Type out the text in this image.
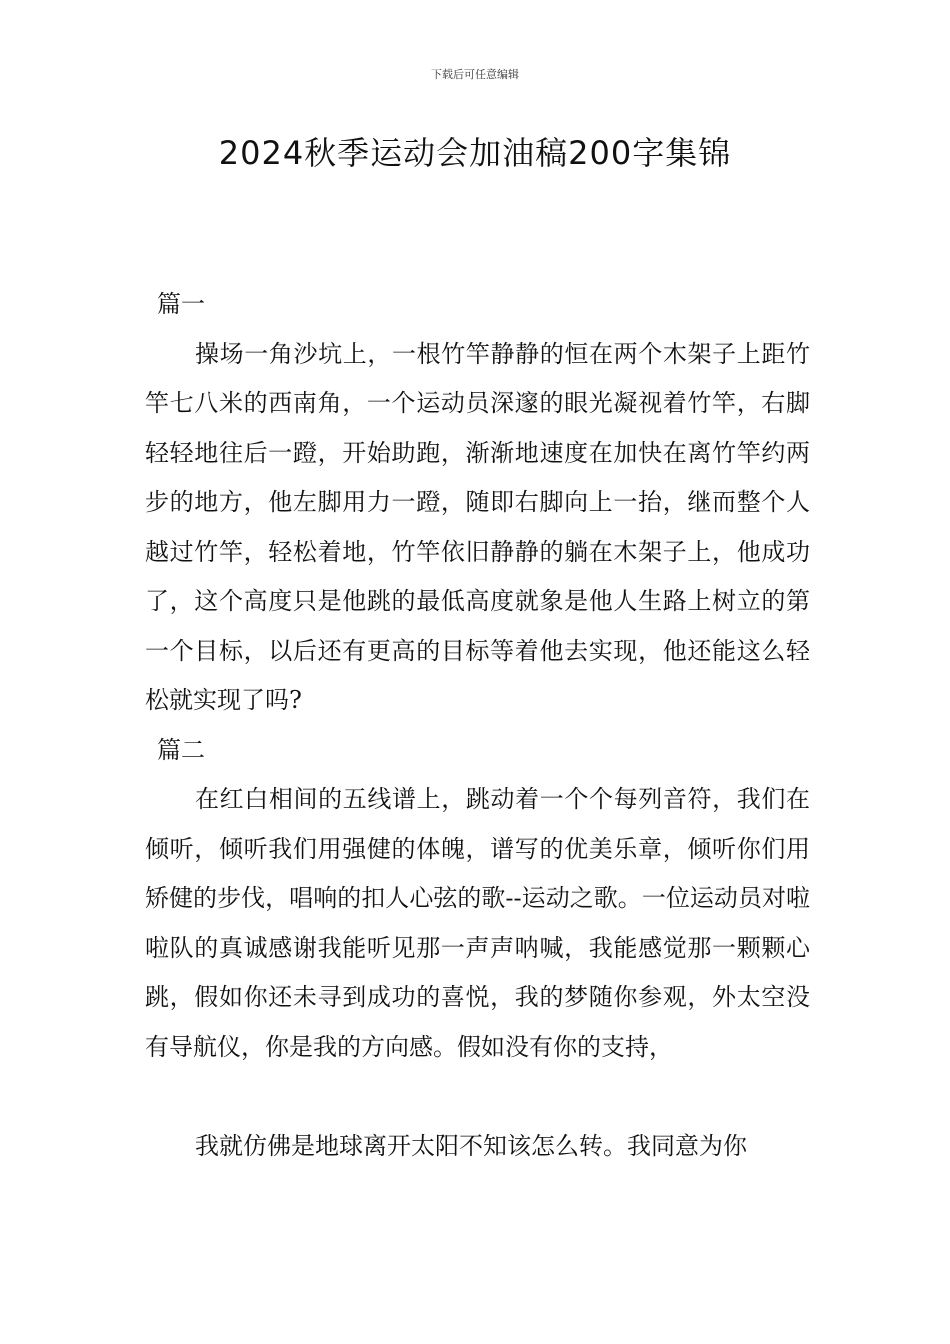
下载后可任意编辑
2024秋季运动会加油稿200字集锦
篇一

操场一角沙坑上，一根竹竿静静的恒在两个木架子上距竹竿七八米的西南角，一个运动员深邃的眼光凝视着竹竿，右脚轻轻地往后一蹬，开始助跑，渐渐地速度在加快在离竹竿约两步的地方，他左脚用力一蹬，随即右脚向上一抬，继而整个人越过竹竿，轻松着地，竹竿依旧静静的躺在木架子上，他成功了，这个高度只是他跳的最低高度就象是他人生路上树立的第一个目标，以后还有更高的目标等着他去实现，他还能这么轻松就实现了吗?

篇二

在红白相间的五线谱上，跳动着一个个每列音符，我们在倾听，倾听我们用强健的体魄，谱写的优美乐章，倾听你们用矫健的步伐，唱响的扣人心弦的歌--运动之歌。一位运动员对啦啦队的真诚感谢我能听见那一声声呐喊，我能感觉那一颗颗心跳，假如你还未寻到成功的喜悦，我的梦随你参观，外太空没有导航仪，你是我的方向感。假如没有你的支持，

我就仿佛是地球离开太阳不知该怎么转。我同意为你
